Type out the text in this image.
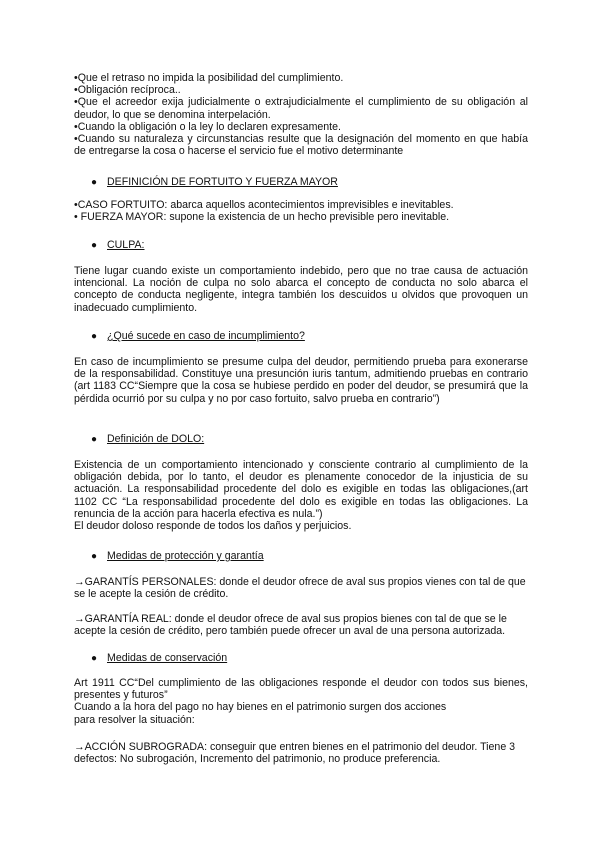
•Que el retraso no impida la posibilidad del cumplimiento.
•Obligación recíproca..
•Que el acreedor exija judicialmente o extrajudicialmente el cumplimiento de su obligación al deudor, lo que se denomina interpelación.
•Cuando la obligación o la ley lo declaren expresamente.
•Cuando su naturaleza y circunstancias resulte que la designación del momento en que había de entregarse la cosa o hacerse el servicio fue el motivo determinante
● DEFINICIÓN DE FORTUITO Y FUERZA MAYOR
•CASO FORTUITO: abarca aquellos acontecimientos imprevisibles e inevitables.
• FUERZA MAYOR: supone la existencia de un hecho previsible pero inevitable.
● CULPA:

Tiene lugar cuando existe un comportamiento indebido, pero que no trae causa de actuación intencional. La noción de culpa no solo abarca el concepto de conducta no solo abarca el concepto de conducta negligente, integra también los descuidos u olvidos que provoquen un inadecuado cumplimiento.

● ¿Qué sucede en caso de incumplimiento?

En caso de incumplimiento se presume culpa del deudor, permitiendo prueba para exonerarse de la responsabilidad. Constituye una presunción iuris tantum, admitiendo pruebas en contrario (art 1183 CC“Siempre que la cosa se hubiese perdido en poder del deudor, se presumirá que la pérdida ocurrió por su culpa y no por caso fortuito, salvo prueba en contrario”)

● Definición de DOLO:
Existencia de un comportamiento intencionado y consciente contrario al cumplimiento de la obligación debida, por lo tanto, el deudor es plenamente conocedor de la injusticia de su actuación. La responsabilidad procedente del dolo es exigible en todas las obligaciones,(art 1102 CC “La responsabilidad procedente del dolo es exigible en todas las obligaciones. La renuncia de la acción para hacerla efectiva es nula.”)
El deudor doloso responde de todos los daños y perjuicios.
● Medidas de protección y garantía

→GARANTÍS PERSONALES: donde el deudor ofrece de aval sus propios vienes con tal de que se le acepte la cesión de crédito.

→GARANTÍA REAL: donde el deudor ofrece de aval sus propios bienes con tal de que se le acepte la cesión de crédito, pero también puede ofrecer un aval de una persona autorizada.

● Medidas de conservación
Art 1911 CC“Del cumplimiento de las obligaciones responde el deudor con todos sus bienes, presentes y futuros”
Cuando a la hora del pago no hay bienes en el patrimonio surgen dos acciones
para resolver la situación:

→ACCIÓN SUBROGRADA: conseguir que entren bienes en el patrimonio del deudor. Tiene 3 defectos: No subrogación, Incremento del patrimonio, no produce preferencia.
